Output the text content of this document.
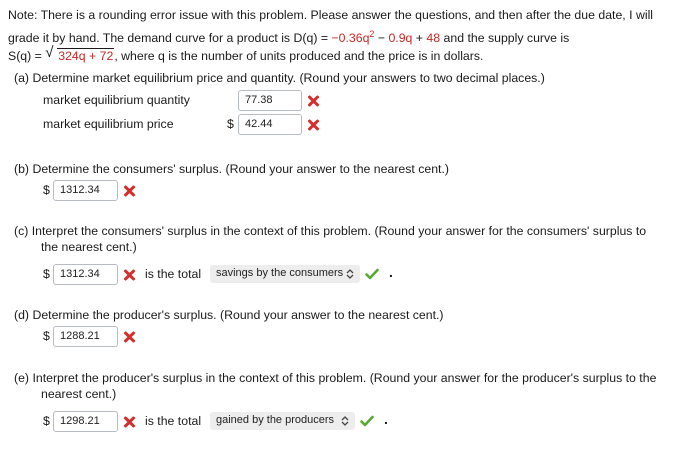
Note: There is a rounding error issue with this problem. Please answer the questions, and then after the due date, I will
grade it by hand. The demand curve for a product is $D(q) = -0.36q^2 - 0.9q + 48$ and the supply curve is
S(q) = √ 324q + 72, where q is the number of units produced and the price is in dollars.
(a) Determine market equilibrium price and quantity. (Round your answers to two decimal places.)
market equilibrium quantity	77.38
market equilibrium price	$	42.44
(b) Determine the consumers' surplus. (Round your answer to the nearest cent.)
$ 1312.34
(c) Interpret the consumers' surplus in the context of this problem. (Round your answer for the consumers' surplus to
the nearest cent.)
$ 1312.34	is the total	savings by the consumers	.
(d) Determine the producer's surplus. (Round your answer to the nearest cent.)
$ 1288.21
(e) Interpret the producer's surplus in the context of this problem. (Round your answer for the producer's surplus to the
nearest cent.)
$ 1298.21	is the total	gained by the producers	.
